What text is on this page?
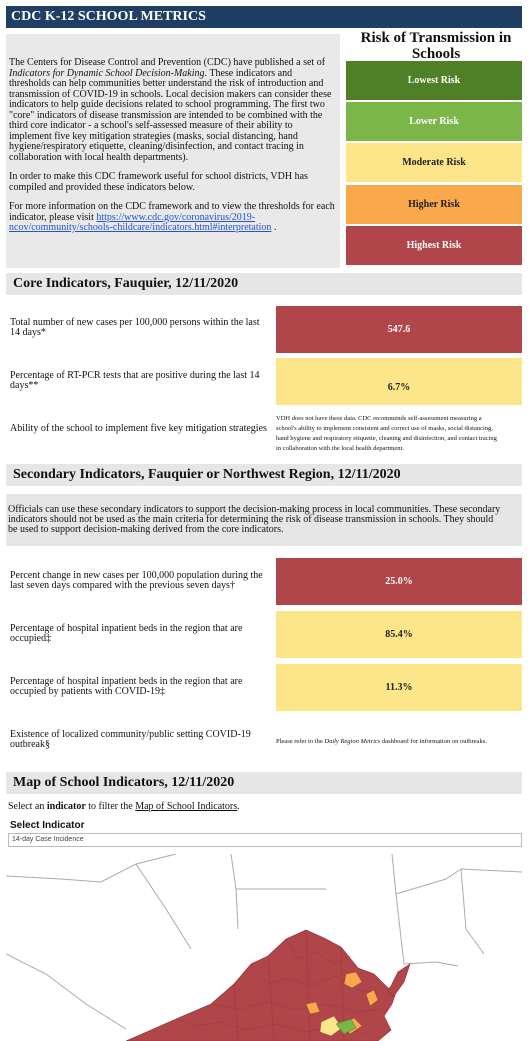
CDC K-12 SCHOOL METRICS

The Centers for Disease Control and Prevention (CDC) have published a set of Indicators for Dynamic School Decision-Making. These indicators and thresholds can help communities better understand the risk of introduction and transmission of COVID-19 in schools. Local decision makers can consider these indicators to help guide decisions related to school programming. The first two "core" indicators of disease transmission are intended to be combined with the third core indicator - a school's self-assessed measure of their ability to implement five key mitigation strategies (masks, social distancing, hand hygiene/respiratory etiquette, cleaning/disinfection, and contact tracing in collaboration with local health departments).

In order to make this CDC framework useful for school districts, VDH has compiled and provided these indicators below.

For more information on the CDC framework and to view the thresholds for each indicator, please visit https://www.cdc.gov/coronavirus/2019-ncov/community/schools-childcare/indicators.html#interpretation .

Risk of Transmission in Schools
Lowest Risk
Lower Risk
Moderate Risk
Higher Risk
Highest Risk
Core Indicators, Fauquier, 12/11/2020
Total number of new cases per 100,000 persons within the last 14 days*	547.6
Percentage of RT-PCR tests that are positive during the last 14 days**	6.7%
Ability of the school to implement five key mitigation strategies
VDH does not have these data. CDC recommends self-assessment measuring a
school's ability to implement consistent and correct use of masks, social distancing,
hand hygiene and respiratory etiquette, cleaning and disinfection, and contact tracing
in collaboration with the local health department.
Secondary Indicators, Fauquier or Northwest Region, 12/11/2020
Officials can use these secondary indicators to support the decision-making process in local communities. These secondary
indicators should not be used as the main criteria for determining the risk of disease transmission in schools. They should
be used to support decision-making derived from the core indicators.
Percent change in new cases per 100,000 population during the last seven days compared with the previous seven days†	25.0%
Percentage of hospital inpatient beds in the region that are occupied‡	85.4%
Percentage of hospital inpatient beds in the region that are occupied by patients with COVID-19‡	11.3%
Existence of localized community/public setting COVID-19 outbreak§	Please refer to the Daily Region Metrics dashboard for information on outbreaks.
Map of School Indicators, 12/11/2020
Select an indicator to filter the Map of School Indicators.
Select Indicator
14-day Case Incidence
